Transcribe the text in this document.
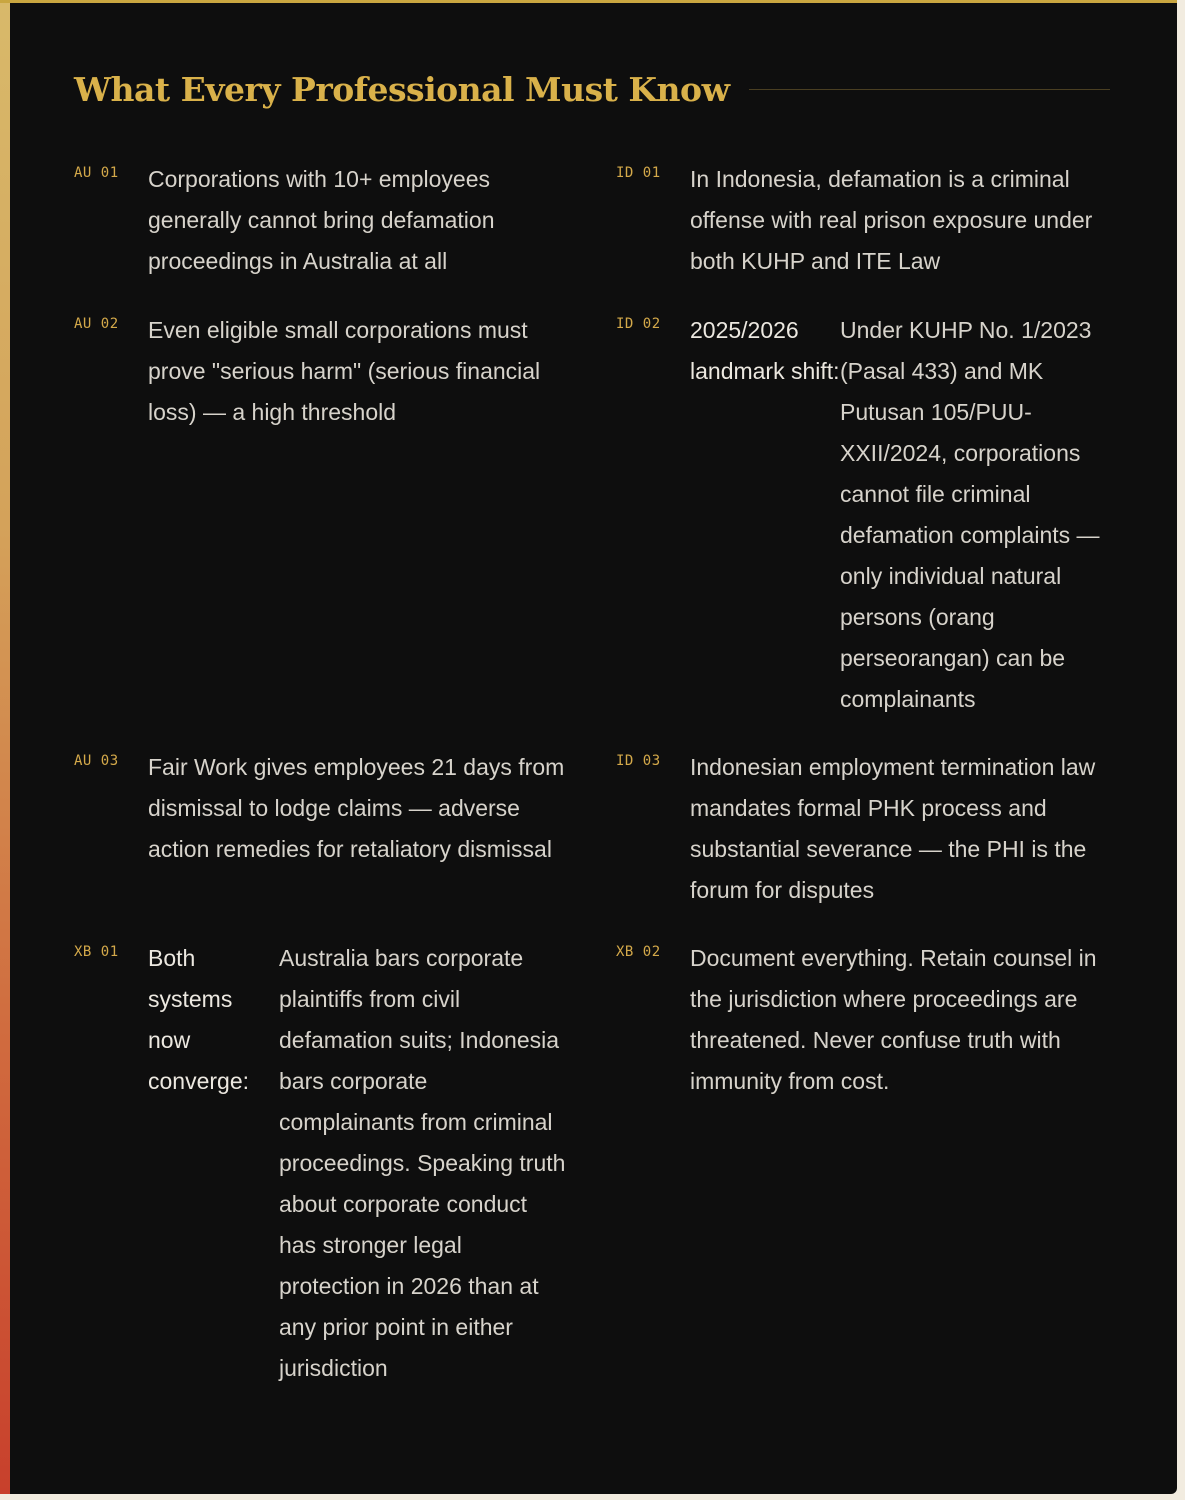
What Every Professional Must Know
AU 01	Corporations with 10+ employees generally cannot bring defamation proceedings in Australia at all
ID 01	In Indonesia, defamation is a criminal offense with real prison exposure under both KUHP and ITE Law
AU 02	Even eligible small corporations must prove "serious harm" (serious financial loss) — a high threshold
ID 02	2025/2026 landmark shift:
Under KUHP No. 1/2023 (Pasal 433) and MK Putusan 105/PUU-XXII/2024, corporations cannot file criminal defamation complaints — only individual natural persons (orang perseorangan) can be complainants
AU 03	Fair Work gives employees 21 days from dismissal to lodge claims — adverse action remedies for retaliatory dismissal
ID 03	Indonesian employment termination law mandates formal PHK process and substantial severance — the PHI is the forum for disputes
XB 01	Both systems now converge:
Australia bars corporate plaintiffs from civil defamation suits; Indonesia bars corporate complainants from criminal proceedings. Speaking truth about corporate conduct has stronger legal protection in 2026 than at any prior point in either jurisdiction
XB 02	Document everything. Retain counsel in the jurisdiction where proceedings are threatened. Never confuse truth with immunity from cost.
